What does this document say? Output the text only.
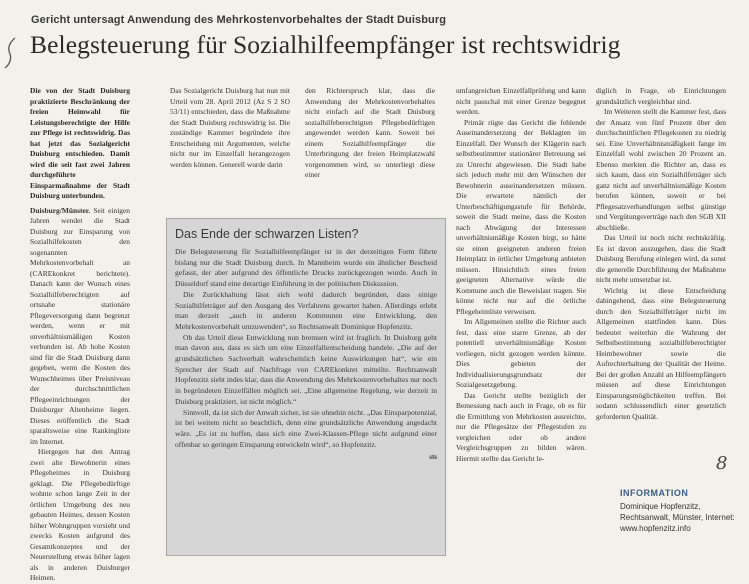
Gericht untersagt Anwendung des Mehrkostenvorbehaltes der Stadt Duisburg
Belegsteuerung für Sozialhilfeempfänger ist rechtswidrig

Die von der Stadt Duisburg praktizierte Beschränkung der freien Heimwahl für Leistungsberechtigte der Hilfe zur Pflege ist rechtswidrig. Das hat jetzt das Sozialgericht Duisburg entschieden. Damit wird die seit fast zwei Jahren durchgeführte Einsparmaßnahme der Stadt Duisburg unterbunden.

Duisburg/Münster. Seit einigen Jahren wendet die Stadt Duisburg zur Einsparung von Sozialhilfekosten den sogenannten Mehrkostenvorbehalt an (CAREkonkret berichtete). Danach kann der Wunsch eines Sozialhilfeberechtigten auf ortsnahe stationäre Pflegeversorgung dann begrenzt werden, wenn er mit unverhältnismäßigen Kosten verbunden ist. Ab hohe Kosten sind für die Stadt Duisburg dann gegeben, wenn die Kosten des Wunschheimes über Preisniveau der durchschnittlichen Pflegeeinrichtungen der Duisburger Altenheime liegen. Dieses eröffentlich die Stadt sparaltsweise eine Rankingliste im Internet.

Hiergegen hat den Antrag zwei alte Bewohnerin eines Pflegeheimes in Duisburg geklagt. Die Pflegebedürftige wohnte schon lange Zeit in der örtlichen Umgebung des neu gebauten Heimes, dessen Kosten höher Wohngruppen vorsieht und zwecks Kosten aufgrund des Gesamtkonzeptes und der Neuerstellung etwas höher lagen als in anderen Duisburger Heimen.

Das Sozialgericht Duisburg hat nun mit Urteil vom 28. April 2012 (Az S 2 SO 53/11) entschieden, dass die Maßnahme der Stadt Duisburg rechtswidrig ist. Die zuständige Kammer begründete ihre Entscheidung mit Argumenten, welche nicht nur im Einzelfall herangezogen werden können. Generell wurde darin

den Richterspruch klar, dass die Anwendung der Mehrkostenvorbehaltes nicht einfach auf die Stadt Duisburg sozialhilfeberechtigten Pflegebedürftigen angewendet werden kann. Soweit bei einem Sozialhilfeempfänger die Unterbringung der freien Heimplatzwahl vorgenommen wird, so unterliegt diese einer

Das Ende der schwarzen Listen?

Die Belegsteuerung für Sozialhilfeempfänger ist in der derzeitigen Form führte bislang nur die Stadt Duisburg durch. In Mannheim wurde ein ähnlicher Bescheid gefasst, der aber aufgrund des öffentliche Drucks zurückgezogen wurde. Auch in Düsseldorf stand eine derartige Einführung in der politischen Diskussion.

Die Zurückhaltung lässt sich wohl dadurch begründen, dass einige Sozialhilfeträger auf den Ausgang des Verfahrens gewartet haben. Allerdings erlebt man derzeit „auch in anderen Kommunen eine Entwicklung, den Mehrkostenvorbehalt umzuwenden“, so Rechtsanwalt Dominique Hopfenzitz.

Ob das Urteil diese Entwicklung nun bremsen wird ist fraglich. In Duisburg geht man davon aus, dass es sich um eine Einzelfallentscheidung handele. „Die auf der grundsätzlichen Sachverhalt wahrscheinlich keine Auswirkungen hat“, wie ein Sprecher der Stadt auf Nachfrage von CAREkonkret mitteilte. Rechtsanwalt Hopfenzitz sieht indes klar, dass die Anwendung des Mehrkostenvorbehaltes nur noch in begründeten Einzelfällen möglich sei. „Eine allgemeine Regelung, wie derzeit in Duisburg praktiziert, ist nicht möglich.“

Sinnvoll, da ist sich der Anwalt sicher, ist sie ohnehin nicht. „Das Einsparpotenzial, ist bei weitem nicht so beachtlich, denn eine grundsätzliche Anwendung angedacht wäre. „Es ist zu hoffen, dass sich eine Zwei-Klassen-Pflege nicht aufgrund einer offenbar so geringen Einsparung entwickeln wird“, so Hopfenzitz.

sts

umfangreichen Einzelfallprüfung und kann nicht pauschal mit einer Grenze begegnet werden.

Primär rügte das Gericht die fehlende Auseinandersetzung der Beklagten im Einzelfall. Der Wunsch der Klägerin nach selbstbestimmter stationärer Betreuung sei zu Unrecht abgewiesen. Die Stadt habe sich jedoch mehr mit den Wünschen der Bewohnerin auseinandersetzen müssen. Die erwartete nämlich der Unterbeschäftigungsstufe für Behörde, soweit die Stadt meine, dass die Kosten nach Abwägung der Interessen unverhältnismäßige Kosten birgt, so hätte sie einen geeigneten anderen freien Heimplatz in örtlicher Umgebung anbieten müssen. Hinsichtlich eines freien geeigneten Alternative würde die Kommune auch die Beweislast tragen. Sie könne nicht nur auf die örtliche Pflegeheimliste verweisen.

Im Allgemeinen stellte die Richter auch fest, dass eine starre Grenze, ab der potentiell unverhältnismäßige Kosten vorliegen, nicht gezogen werden könnte. Dies gebieten der Individualisierungsgrundsatz der Sozialgesetzgebung.

Das Gericht stellte bezüglich der Bemessung nach auch in Frage, ob es für die Ermittlung von Mehrkosten ausreichte, nur die Pflegesätze der Pflegestufen zu vergleichen oder ob andere Vergleichsgruppen zu bilden wären. Hiermit stellte das Gericht le-

diglich in Frage, ob Einrichtungen grundsätzlich vergleichbar sind.

Im Weiteren stellt die Kammer fest, dass der Ansatz von fünf Prozent über den durchschnittlichen Pflegekosten zu niedrig sei. Eine Unverhältnismäßigkeit fange im Einzelfall wohl zwischen 20 Prozent an. Ebenso merkten die Richter an, dass es sich kaum, dass ein Sozialhilfeträger sich ganz nicht auf unverhältnismäßige Kosten berufen können, soweit er bei Pflegesatzverhandlungen selbst günstige und Vergütungsverträge nach den SGB XII abschließe.

Das Urteil ist noch nicht rechtskräftig. Es ist davon auszugehen, dass die Stadt Duisburg Berufung einlegen wird, da sonst die generelle Durchführung der Maßnahme nicht mehr umsetzbar ist.

Wichtig ist diese Entscheidung dahingehend, dass eine Belegsteuerung durch den Sozialhilfeträger nicht im Allgemeinen stattfinden kann. Dies bedeutet weiterhin die Wahrung der Selbstbestimmung sozialhilfeberechtigter Heimbewohner sowie die Aufrechterhaltung der Qualität der Heime. Bei der großen Anzahl an Hilfeempfängern müssen auf diese Einrichtungen Einsparungsmöglichkeiten treffen. Bei sodann schlussendlich einer gesetzlich geforderten Qualität.

8
INFORMATION
Dominique Hopfenzitz,
Rechtsanwalt, Münster, Internet: www.hopfenzitz.info
